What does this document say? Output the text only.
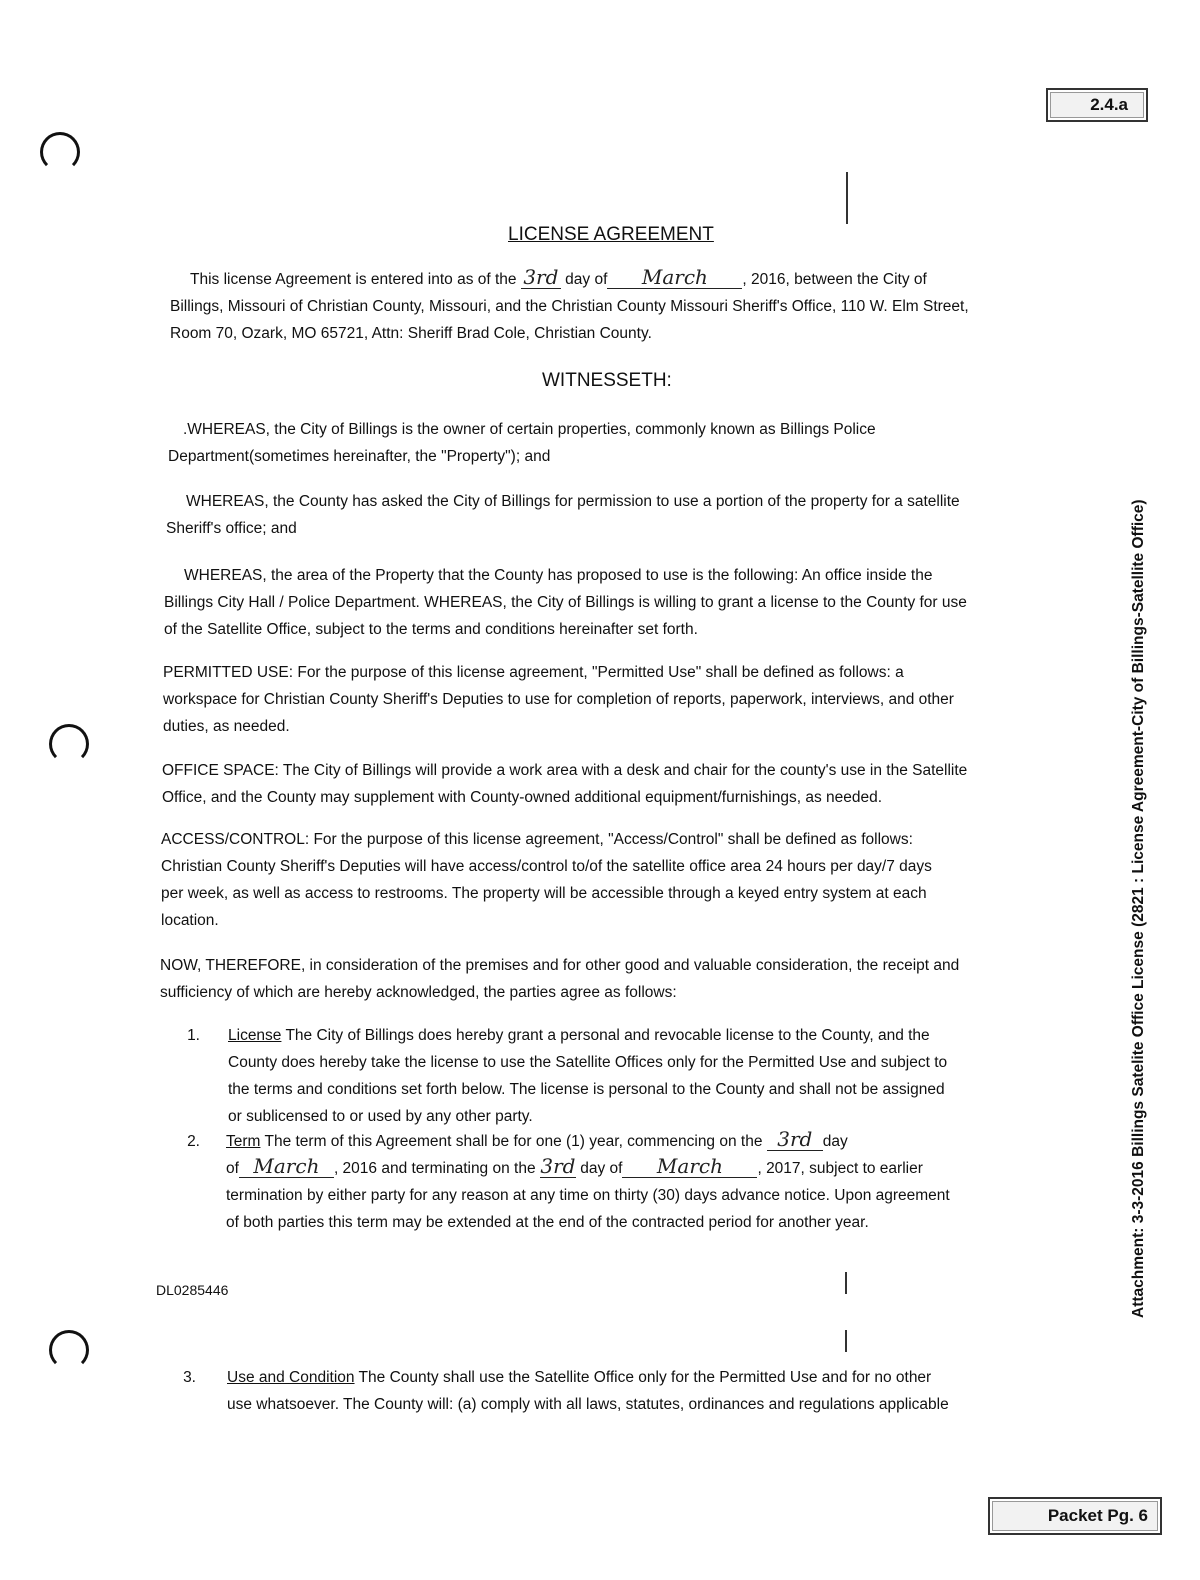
2.4.a
Packet Pg. 6
Attachment: 3-3-2016 Billings Satelite Office License (2821 : License Agreement-City of Billings-Satellite Office)
LICENSE AGREEMENT
This license Agreement is entered into as of the 3rd day of March , 2016, between the City of
Billings, Missouri of Christian County, Missouri, and the Christian County Missouri Sheriff's Office, 110 W. Elm Street,
Room 70, Ozark, MO 65721, Attn: Sheriff Brad Cole, Christian County.
WITNESSETH:
.WHEREAS, the City of Billings is the owner of certain properties, commonly known as Billings Police
Department(sometimes hereinafter, the "Property"); and
WHEREAS, the County has asked the City of Billings for permission to use a portion of the property for a satellite
Sheriff's office; and
WHEREAS, the area of the Property that the County has proposed to use is the following: An office inside the
Billings City Hall / Police Department. WHEREAS, the City of Billings is willing to grant a license to the County for use
of the Satellite Office, subject to the terms and conditions hereinafter set forth.
PERMITTED USE: For the purpose of this license agreement, "Permitted Use" shall be defined as follows: a
workspace for Christian County Sheriff's Deputies to use for completion of reports, paperwork, interviews, and other
duties, as needed.
OFFICE SPACE: The City of Billings will provide a work area with a desk and chair for the county's use in the Satellite
Office, and the County may supplement with County-owned additional equipment/furnishings, as needed.
ACCESS/CONTROL: For the purpose of this license agreement, "Access/Control" shall be defined as follows:
Christian County Sheriff's Deputies will have access/control to/of the satellite office area 24 hours per day/7 days
per week, as well as access to restrooms. The property will be accessible through a keyed entry system at each
location.
NOW, THEREFORE, in consideration of the premises and for other good and valuable consideration, the receipt and
sufficiency of which are hereby acknowledged, the parties agree as follows:
1. License The City of Billings does hereby grant a personal and revocable license to the County, and the
County does hereby take the license to use the Satellite Offices only for the Permitted Use and subject to
the terms and conditions set forth below. The license is personal to the County and shall not be assigned
or sublicensed to or used by any other party.
2. Term The term of this Agreement shall be for one (1) year, commencing on the 3rd day
of March , 2016 and terminating on the 3rd day of March , 2017, subject to earlier
termination by either party for any reason at any time on thirty (30) days advance notice. Upon agreement
of both parties this term may be extended at the end of the contracted period for another year.
DL0285446
3. Use and Condition The County shall use the Satellite Office only for the Permitted Use and for no other
use whatsoever. The County will: (a) comply with all laws, statutes, ordinances and regulations applicable
